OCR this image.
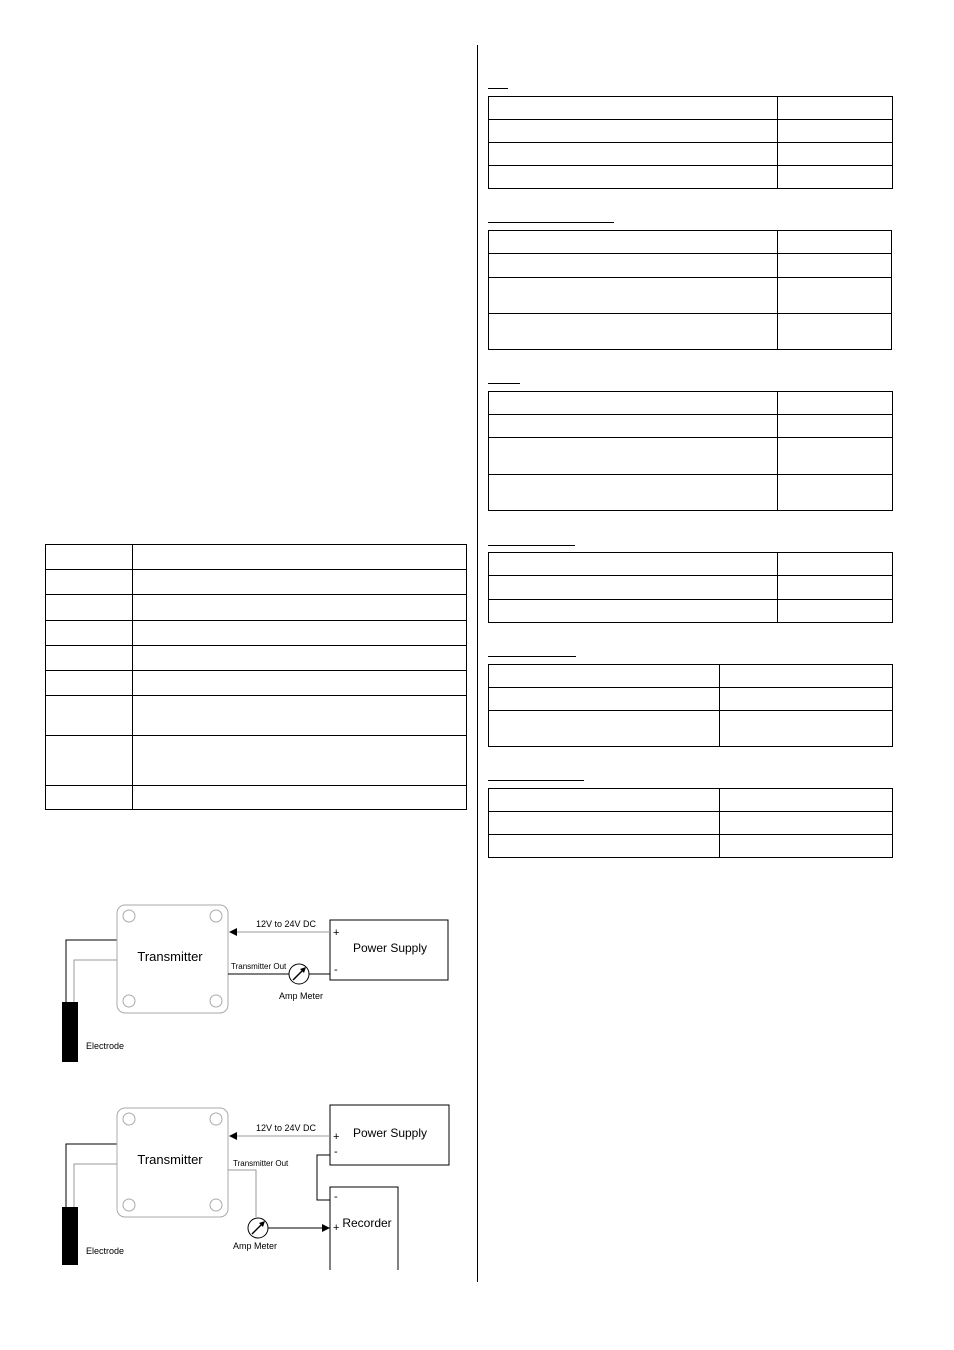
Transmitter
Power Supply
+
-
12V to 24V DC
Transmitter Out
Amp Meter
Electrode
Transmitter
Power Supply
+
-
Recorder
-
+
12V to 24V DC
Transmitter Out
Amp Meter
Electrode
